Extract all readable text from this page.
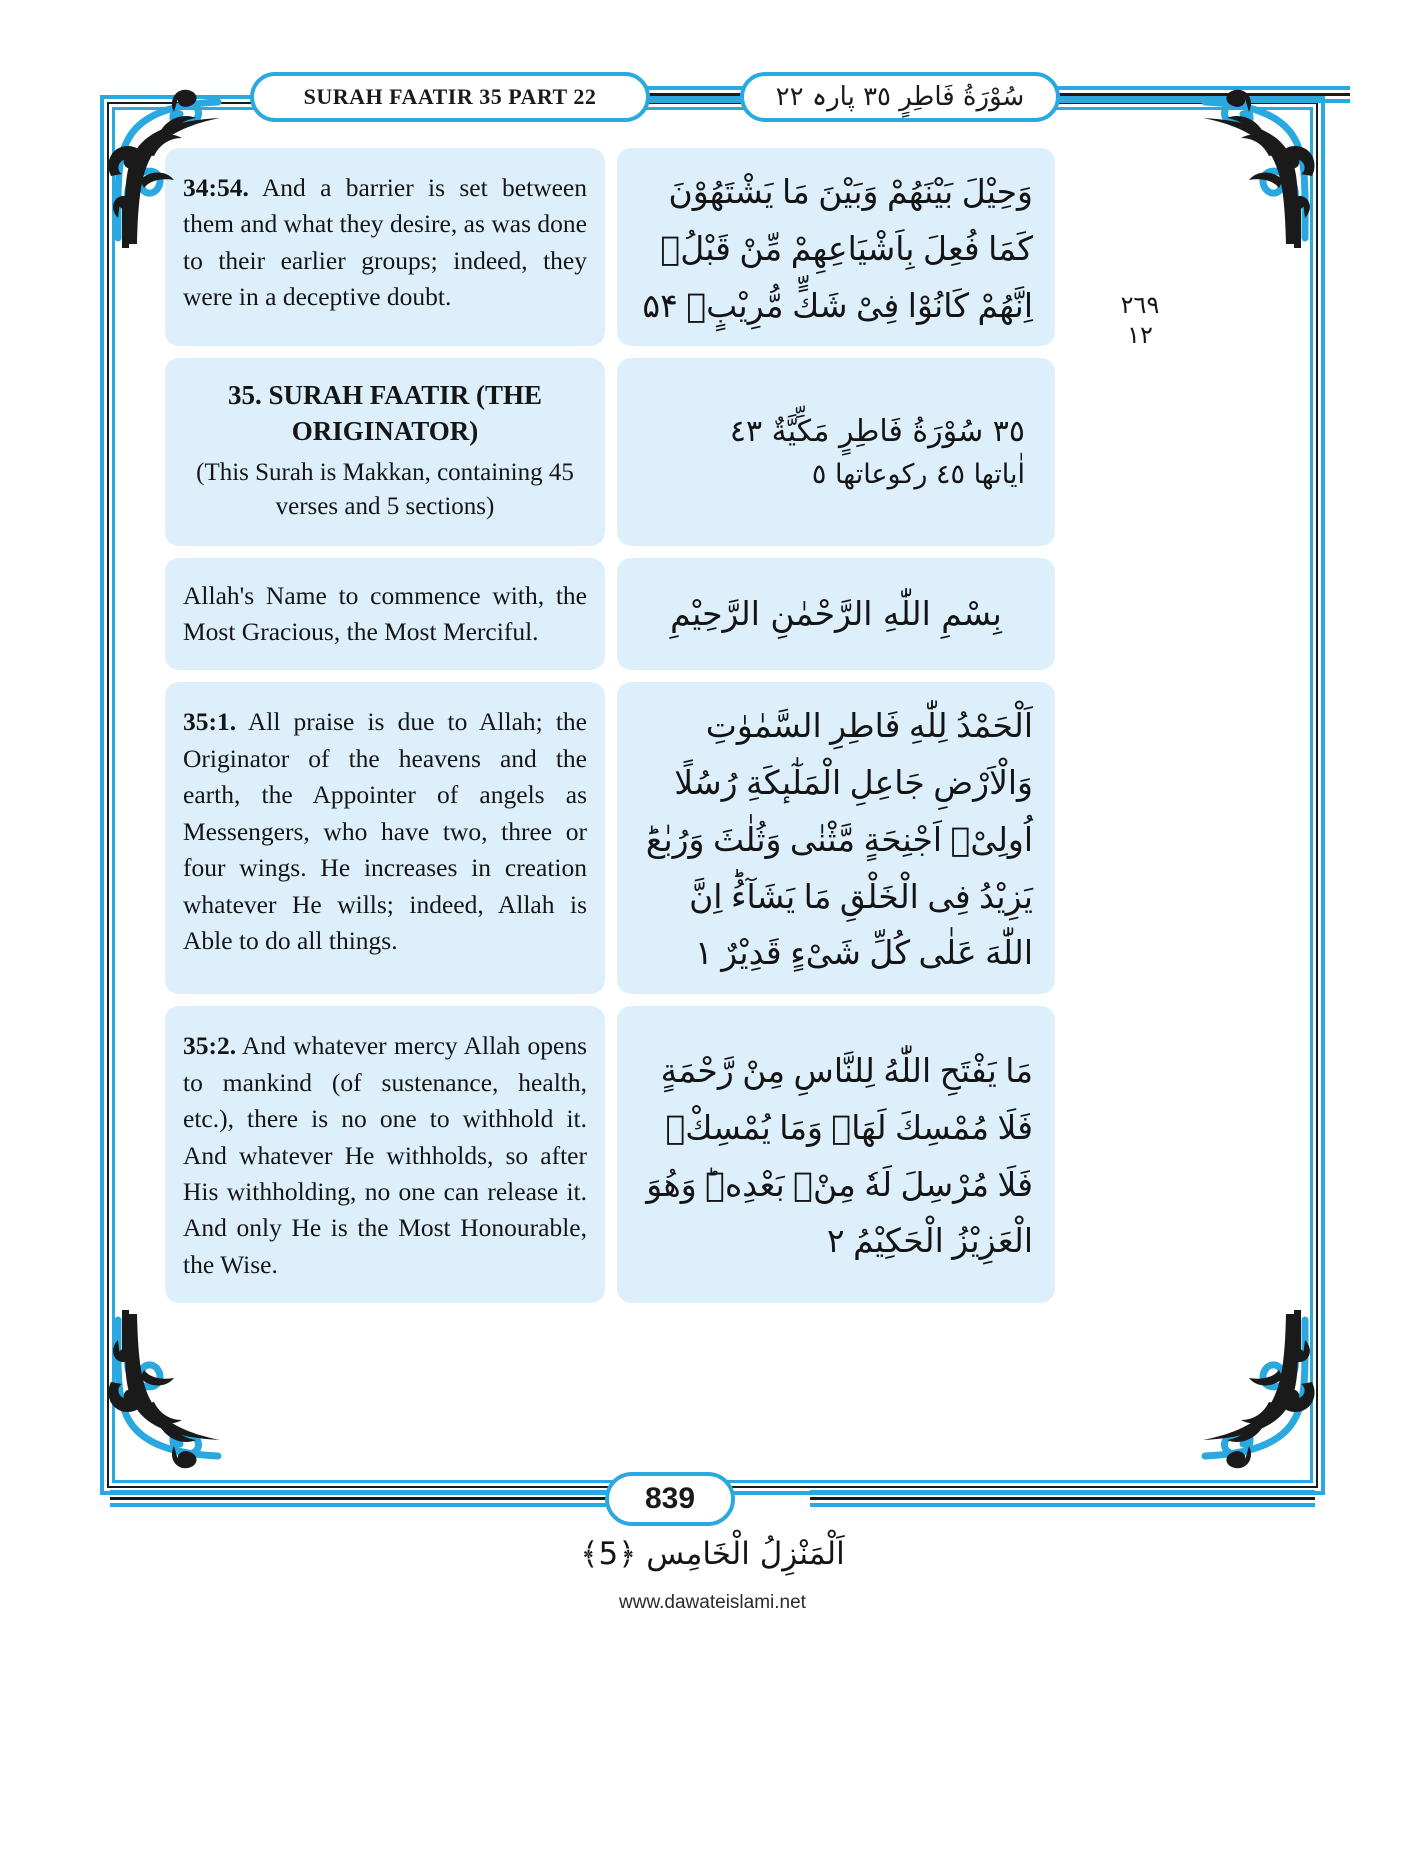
SURAH FAATIR 35 PART 22	سُوْرَةُ فَاطِرٍ ٣٥ پارہ ٢٢
٢٦٩
١٢

34:54. And a barrier is set between them and what they desire, as was done to their earlier groups; indeed, they were in a deceptive doubt.

وَحِیْلَ بَیْنَهُمْ وَبَیْنَ مَا یَشْتَهُوْنَ كَمَا فُعِلَ بِاَشْیَاعِهِمْ مِّنْ قَبْلُۚ اِنَّهُمْ كَانُوْا فِیْ شَكٍّ مُّرِیْبٍ۠ ۵۴

35. SURAH FAATIR (THE ORIGINATOR)

(This Surah is Makkan, containing 45 verses and 5 sections)

٣٥ سُوْرَةُ فَاطِرٍ مَكِّیَّةٌ ٤٣
اٰیاتها ٤٥ رکوعاتها ٥

Allah's Name to commence with, the Most Gracious, the Most Merciful.	بِسْمِ اللّٰهِ الرَّحْمٰنِ الرَّحِیْمِ

35:1. All praise is due to Allah; the Originator of the heavens and the earth, the Appointer of angels as Messengers, who have two, three or four wings. He increases in creation whatever He wills; indeed, Allah is Able to do all things.

اَلْحَمْدُ لِلّٰهِ فَاطِرِ السَّمٰوٰتِ وَالْاَرْضِ جَاعِلِ الْمَلٰٓىٕكَةِ رُسُلًا اُولِیْۤ اَجْنِحَةٍ مَّثْنٰى وَثُلٰثَ وَرُبٰعَؕ یَزِیْدُ فِی الْخَلْقِ مَا یَشَآءُؕ اِنَّ اللّٰهَ عَلٰى كُلِّ شَیْءٍ قَدِیْرٌ ۱

35:2. And whatever mercy Allah opens to mankind (of sustenance, health, etc.), there is no one to withhold it. And whatever He withholds, so after His withholding, no one can release it. And only He is the Most Honourable, the Wise.

مَا یَفْتَحِ اللّٰهُ لِلنَّاسِ مِنْ رَّحْمَةٍ فَلَا مُمْسِكَ لَهَاۚ وَمَا یُمْسِكْۙ فَلَا مُرْسِلَ لَهٗ مِنْۢ بَعْدِهٖؕ وَهُوَ الْعَزِیْزُ الْحَكِیْمُ ۲

839
اَلْمَنْزِلُ الْخَامِس ﴿5﴾
www.dawateislami.net
